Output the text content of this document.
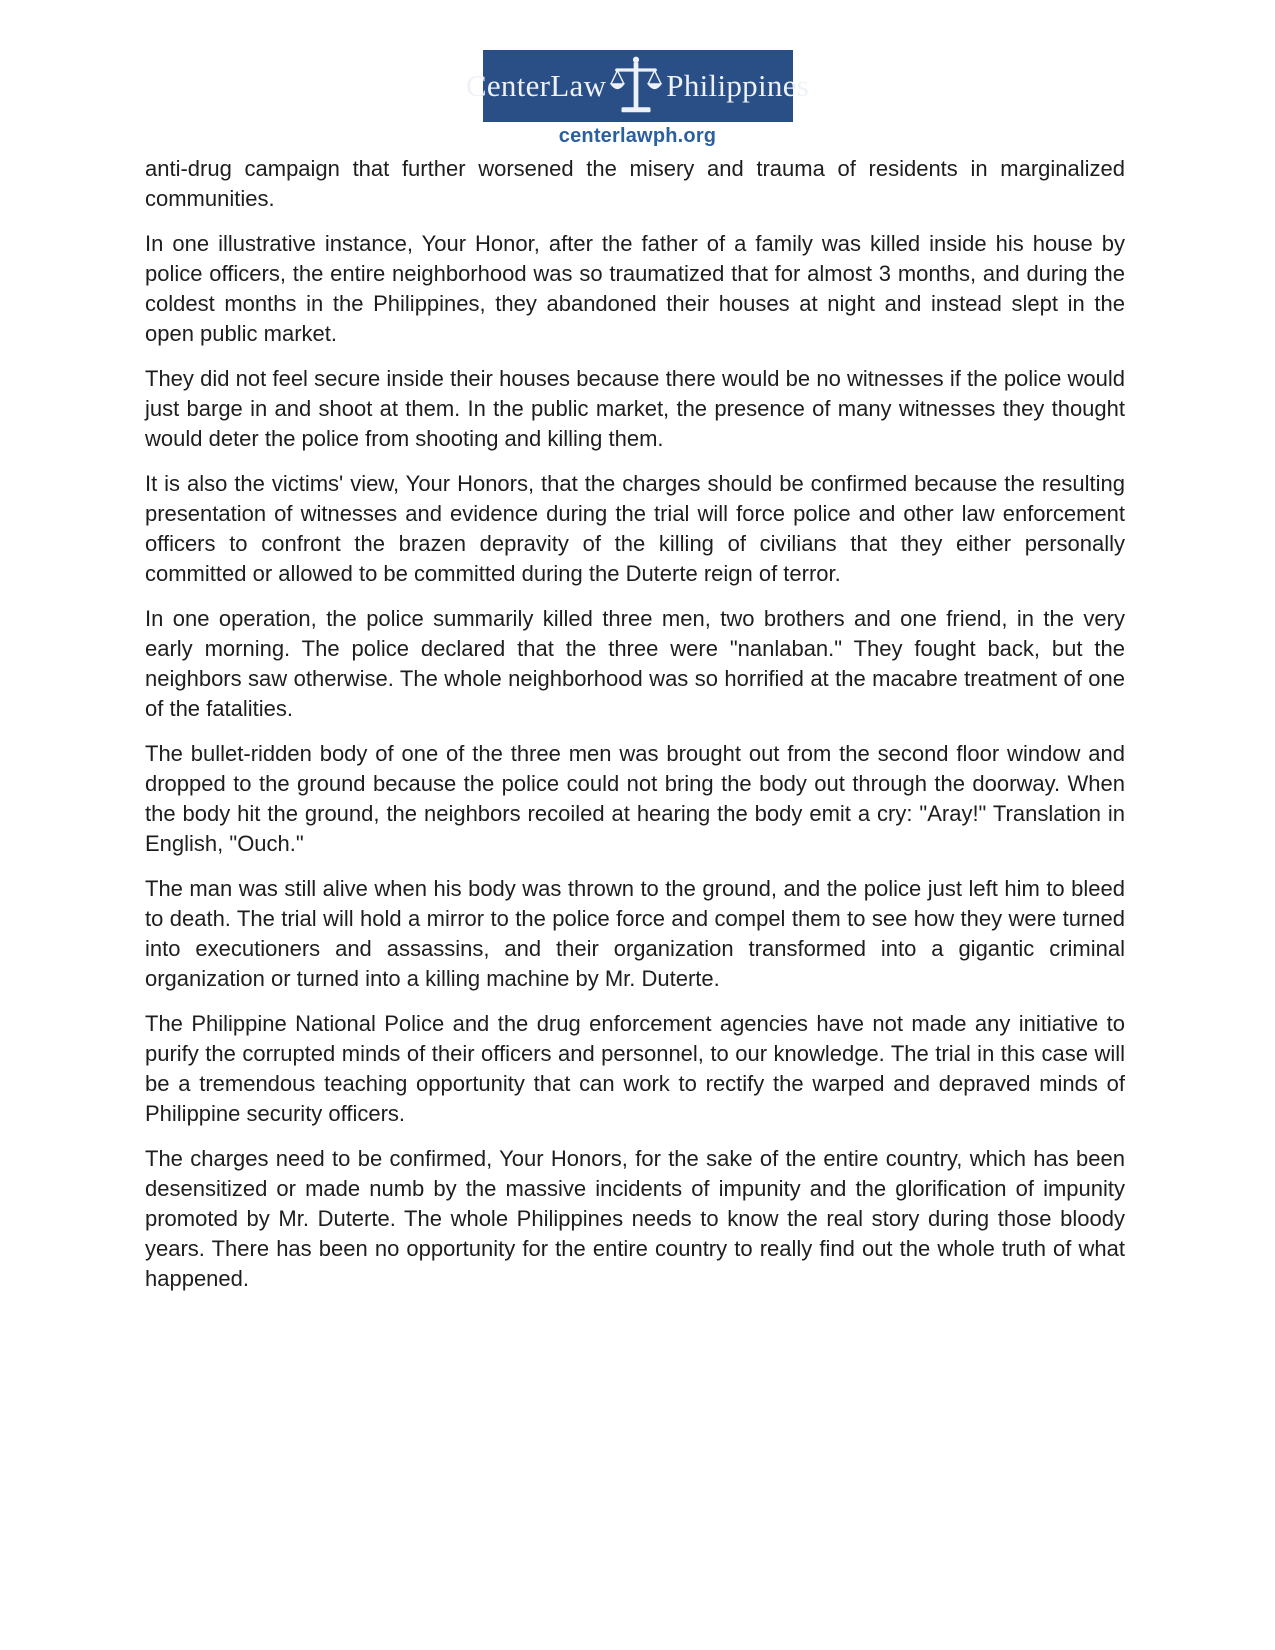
CenterLaw Philippines
centerlawph.org

anti-drug campaign that further worsened the misery and trauma of residents in marginalized communities.

In one illustrative instance, Your Honor, after the father of a family was killed inside his house by police officers, the entire neighborhood was so traumatized that for almost 3 months, and during the coldest months in the Philippines, they abandoned their houses at night and instead slept in the open public market.

They did not feel secure inside their houses because there would be no witnesses if the police would just barge in and shoot at them. In the public market, the presence of many witnesses they thought would deter the police from shooting and killing them.

It is also the victims' view, Your Honors, that the charges should be confirmed because the resulting presentation of witnesses and evidence during the trial will force police and other law enforcement officers to confront the brazen depravity of the killing of civilians that they either personally committed or allowed to be committed during the Duterte reign of terror.

In one operation, the police summarily killed three men, two brothers and one friend, in the very early morning. The police declared that the three were "nanlaban." They fought back, but the neighbors saw otherwise. The whole neighborhood was so horrified at the macabre treatment of one of the fatalities.

The bullet-ridden body of one of the three men was brought out from the second floor window and dropped to the ground because the police could not bring the body out through the doorway. When the body hit the ground, the neighbors recoiled at hearing the body emit a cry: "Aray!" Translation in English, "Ouch."

The man was still alive when his body was thrown to the ground, and the police just left him to bleed to death. The trial will hold a mirror to the police force and compel them to see how they were turned into executioners and assassins, and their organization transformed into a gigantic criminal organization or turned into a killing machine by Mr. Duterte.

The Philippine National Police and the drug enforcement agencies have not made any initiative to purify the corrupted minds of their officers and personnel, to our knowledge. The trial in this case will be a tremendous teaching opportunity that can work to rectify the warped and depraved minds of Philippine security officers.

The charges need to be confirmed, Your Honors, for the sake of the entire country, which has been desensitized or made numb by the massive incidents of impunity and the glorification of impunity promoted by Mr. Duterte. The whole Philippines needs to know the real story during those bloody years. There has been no opportunity for the entire country to really find out the whole truth of what happened.
